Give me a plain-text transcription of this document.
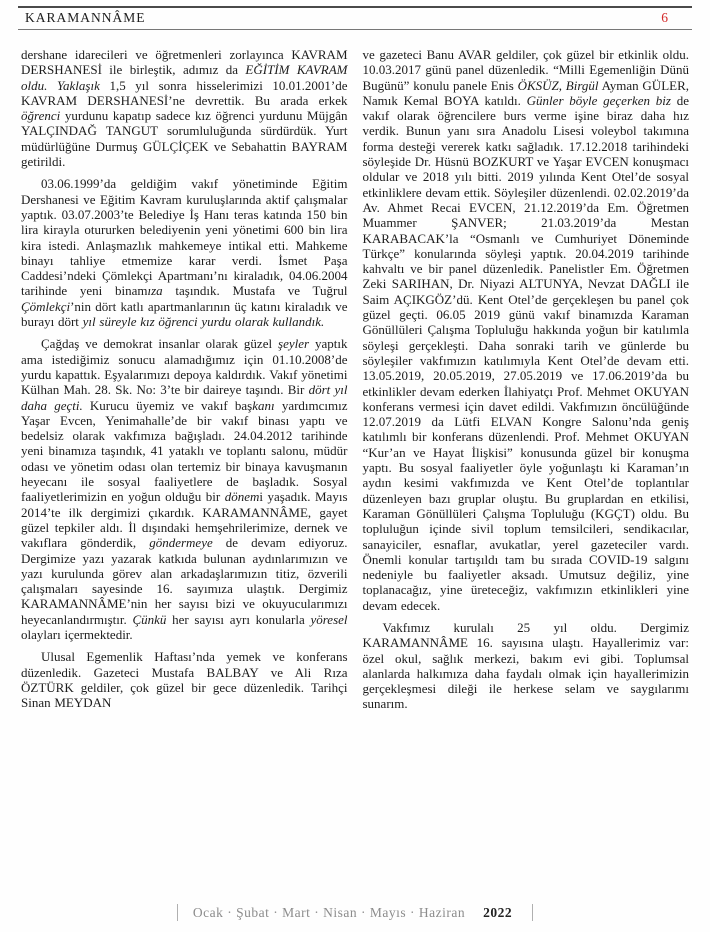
KARAMANNÂME	6

dershane idarecileri ve öğretmenleri zorlayınca KAVRAM DERSHANESİ ile birleştik, adımız da EĞİTİM KAVRAM oldu. Yaklaşık 1,5 yıl sonra hisselerimizi 10.01.2001’de KAVRAM DERSHANESİ’ne devrettik. Bu arada erkek öğrenci yurdunu kapatıp sadece kız öğrenci yurdunu Müjgân YALÇINDAĞ TANGUT sorumluluğunda sürdürdük. Yurt müdürlüğüne Durmuş GÜLÇİÇEK ve Sebahattin BAYRAM getirildi.

03.06.1999’da geldiğim vakıf yönetiminde Eğitim Dershanesi ve Eğitim Kavram kuruluşlarında aktif çalışmalar yaptık. 03.07.2003’te Belediye İş Hanı teras katında 150 bin lira kirayla otururken belediyenin yeni yönetimi 600 bin lira kira istedi. Anlaşmazlık mahkemeye intikal etti. Mahkeme binayı tahliye etmemize karar verdi. İsmet Paşa Caddesi’ndeki Çömlekçi Apartmanı’nı kiraladık, 04.06.2004 tarihinde yeni binamıza taşındık. Mustafa ve Tuğrul Çömlekçi’nin dört katlı apartmanlarının üç katını kiraladık ve burayı dört yıl süreyle kız öğrenci yurdu olarak kullandık.

Çağdaş ve demokrat insanlar olarak güzel şeyler yaptık ama istediğimiz sonucu alamadığımız için 01.10.2008’de yurdu kapattık. Eşyalarımızı depoya kaldırdık. Vakıf yönetimi Külhan Mah. 28. Sk. No: 3’te bir daireye taşındı. Bir dört yıl daha geçti. Kurucu üyemiz ve vakıf başkanı yardımcımız Yaşar Evcen, Yenimahalle’de bir vakıf binası yaptı ve bedelsiz olarak vakfımıza bağışladı. 24.04.2012 tarihinde yeni binamıza taşındık, 41 yataklı ve toplantı salonu, müdür odası ve yönetim odası olan tertemiz bir binaya kavuşmanın heyecanı ile sosyal faaliyetlere de başladık. Sosyal faaliyetlerimizin en yoğun olduğu bir dönemi yaşadık. Mayıs 2014’te ilk dergimizi çıkardık. KARAMANNÂME, gayet güzel tepkiler aldı. İl dışındaki hemşehrilerimize, dernek ve vakıflara gönderdik, göndermeye de devam ediyoruz. Dergimize yazı yazarak katkıda bulunan aydınlarımızın ve yazı kurulunda görev alan arkadaşlarımızın titiz, özverili çalışmaları sayesinde 16. sayımıza ulaştık. Dergimiz KARAMANNÂME’nin her sayısı bizi ve okuyucularımızı heyecanlandırmıştır. Çünkü her sayısı ayrı konularla yöresel olayları içermektedir.

Ulusal Egemenlik Haftası’nda yemek ve konferans düzenledik. Gazeteci Mustafa BALBAY ve Ali Rıza ÖZTÜRK geldiler, çok güzel bir gece düzenledik. Tarihçi Sinan MEYDAN

ve gazeteci Banu AVAR geldiler, çok güzel bir etkinlik oldu. 10.03.2017 günü panel düzenledik. “Milli Egemenliğin Dünü Bugünü” konulu panele Enis ÖKSÜZ, Birgül Ayman GÜLER, Namık Kemal BOYA katıldı. Günler böyle geçerken biz de vakıf olarak öğrencilere burs verme işine biraz daha hız verdik. Bunun yanı sıra Anadolu Lisesi voleybol takımına forma desteği vererek katkı sağladık. 17.12.2018 tarihindeki söyleşide Dr. Hüsnü BOZKURT ve Yaşar EVCEN konuşmacı oldular ve 2018 yılı bitti. 2019 yılında Kent Otel’de sosyal etkinliklere devam ettik. Söyleşiler düzenlendi. 02.02.2019’da Av. Ahmet Recai EVCEN, 21.12.2019’da Em. Öğretmen Muammer ŞANVER; 21.03.2019’da Mestan KARABACAK’la “Osmanlı ve Cumhuriyet Döneminde Türkçe” konularında söyleşi yaptık. 20.04.2019 tarihinde kahvaltı ve bir panel düzenledik. Panelistler Em. Öğretmen Zeki SARIHAN, Dr. Niyazi ALTUNYA, Nevzat DAĞLI ile Saim AÇIKGÖZ’dü. Kent Otel’de gerçekleşen bu panel çok güzel geçti. 06.05 2019 günü vakıf binamızda Karaman Gönüllüleri Çalışma Topluluğu hakkında yoğun bir katılımla söyleşi gerçekleşti. Daha sonraki tarih ve günlerde bu söyleşiler vakfımızın katılımıyla Kent Otel’de devam etti. 13.05.2019, 20.05.2019, 27.05.2019 ve 17.06.2019’da bu etkinlikler devam ederken İlahiyatçı Prof. Mehmet OKUYAN konferans vermesi için davet edildi. Vakfımızın öncülüğünde 12.07.2019 da Lütfi ELVAN Kongre Salonu’nda geniş katılımlı bir konferans düzenlendi. Prof. Mehmet OKUYAN “Kur’an ve Hayat İlişkisi” konusunda güzel bir konuşma yaptı. Bu sosyal faaliyetler öyle yoğunlaştı ki Karaman’ın aydın kesimi vakfımızda ve Kent Otel’de toplantılar düzenleyen bazı gruplar oluştu. Bu gruplardan en etkilisi, Karaman Gönüllüleri Çalışma Topluluğu (KGÇT) oldu. Bu topluluğun içinde sivil toplum temsilcileri, sendikacılar, sanayiciler, esnaflar, avukatlar, yerel gazeteciler vardı. Önemli konular tartışıldı tam bu sırada COVID-19 salgını nedeniyle bu faaliyetler aksadı. Umutsuz değiliz, yine toplanacağız, yine üreteceğiz, vakfımızın etkinlikleri yine devam edecek.

Vakfımız kurulalı 25 yıl oldu. Dergimiz KARAMANNÂME 16. sayısına ulaştı. Hayallerimiz var: özel okul, sağlık merkezi, bakım evi gibi. Toplumsal alanlarda halkımıza daha faydalı olmak için hayallerimizin gerçekleşmesi dileği ile herkese selam ve saygılarımı sunarım.

Ocak · Şubat · Mart · Nisan · Mayıs · Haziran 2022
